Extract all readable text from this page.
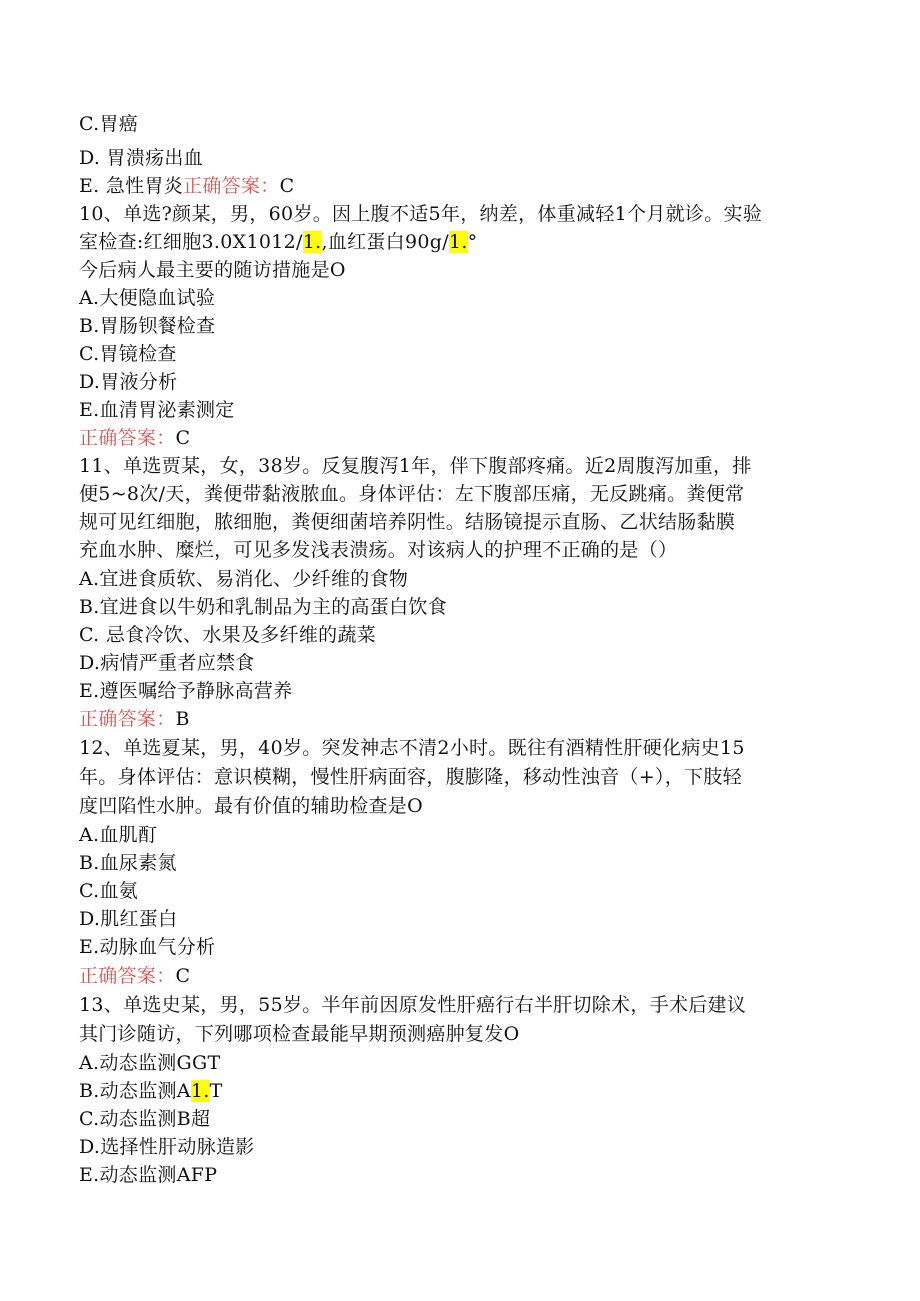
C.胃癌
D. 胃溃疡出血
E. 急性胃炎正确答案：C
10、单选?颜某，男，60岁。因上腹不适5年，纳差，体重减轻1个月就诊。实验
室检查:红细胞3.0X1012/1.,血红蛋白90g/1.°
今后病人最主要的随访措施是O
A.大便隐血试验
B.胃肠钡餐检查
C.胃镜检查
D.胃液分析
E.血清胃泌素测定
正确答案：C
11、单选贾某，女，38岁。反复腹泻1年，伴下腹部疼痛。近2周腹泻加重，排
便5~8次/天，粪便带黏液脓血。身体评估：左下腹部压痛，无反跳痛。粪便常
规可见红细胞，脓细胞，粪便细菌培养阴性。结肠镜提示直肠、乙状结肠黏膜
充血水肿、糜烂，可见多发浅表溃疡。对该病人的护理不正确的是（）
A.宜进食质软、易消化、少纤维的食物
B.宜进食以牛奶和乳制品为主的高蛋白饮食
C. 忌食冷饮、水果及多纤维的蔬菜
D.病情严重者应禁食
E.遵医嘱给予静脉高营养
正确答案：B
12、单选夏某，男，40岁。突发神志不清2小时。既往有酒精性肝硬化病史15
年。身体评估：意识模糊，慢性肝病面容，腹膨隆，移动性浊音（+），下肢轻
度凹陷性水肿。最有价值的辅助检查是O
A.血肌酊
B.血尿素氮
C.血氨
D.肌红蛋白
E.动脉血气分析
正确答案：C
13、单选史某，男，55岁。半年前因原发性肝癌行右半肝切除术，手术后建议
其门诊随访，下列哪项检查最能早期预测癌肿复发O
A.动态监测GGT
B.动态监测A1.T
C.动态监测B超
D.选择性肝动脉造影
E.动态监测AFP
